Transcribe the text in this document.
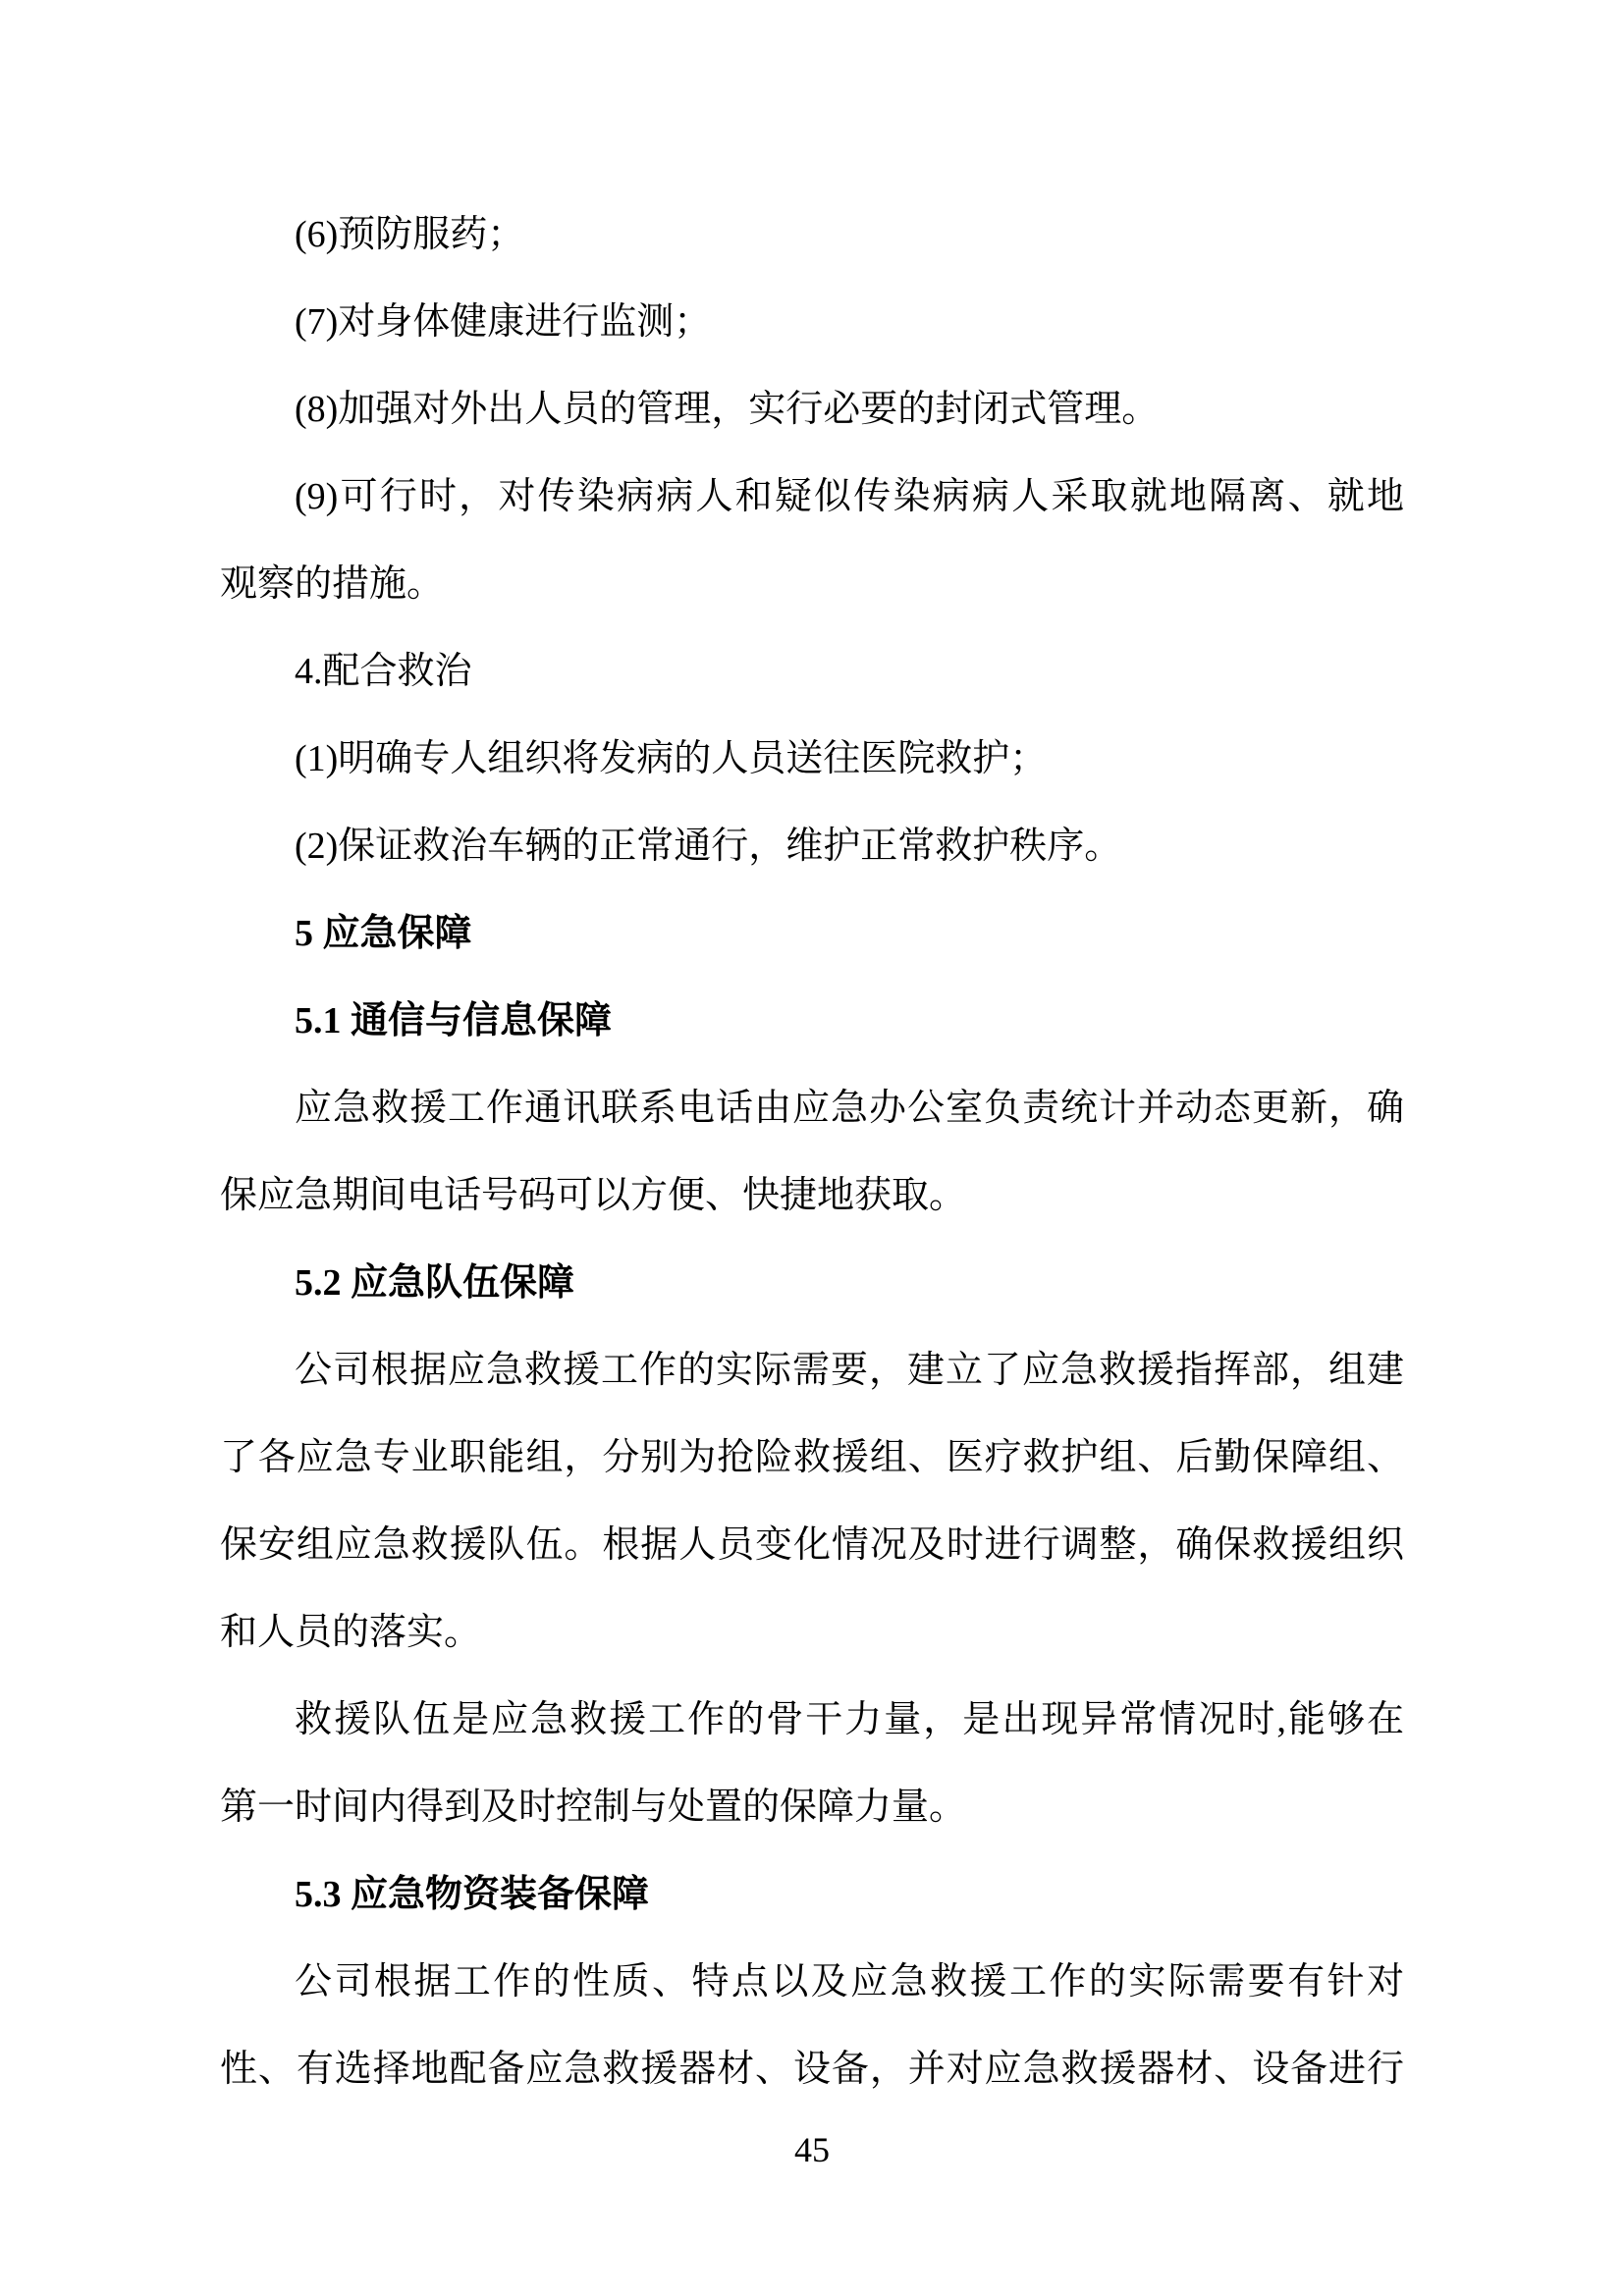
(6)预防服药；
(7)对身体健康进行监测；
(8)加强对外出人员的管理，实行必要的封闭式管理。
(9)可行时，对传染病病人和疑似传染病病人采取就地隔离、就地
观察的措施。
4.配合救治
(1)明确专人组织将发病的人员送往医院救护；
(2)保证救治车辆的正常通行，维护正常救护秩序。
5 应急保障
5.1 通信与信息保障
应急救援工作通讯联系电话由应急办公室负责统计并动态更新，确
保应急期间电话号码可以方便、快捷地获取。
5.2 应急队伍保障
公司根据应急救援工作的实际需要，建立了应急救援指挥部，组建
了各应急专业职能组，分别为抢险救援组、医疗救护组、后勤保障组、
保安组应急救援队伍。根据人员变化情况及时进行调整，确保救援组织
和人员的落实。
救援队伍是应急救援工作的骨干力量，是出现异常情况时,能够在
第一时间内得到及时控制与处置的保障力量。
5.3 应急物资装备保障
公司根据工作的性质、特点以及应急救援工作的实际需要有针对
性、有选择地配备应急救援器材、设备，并对应急救援器材、设备进行
45
